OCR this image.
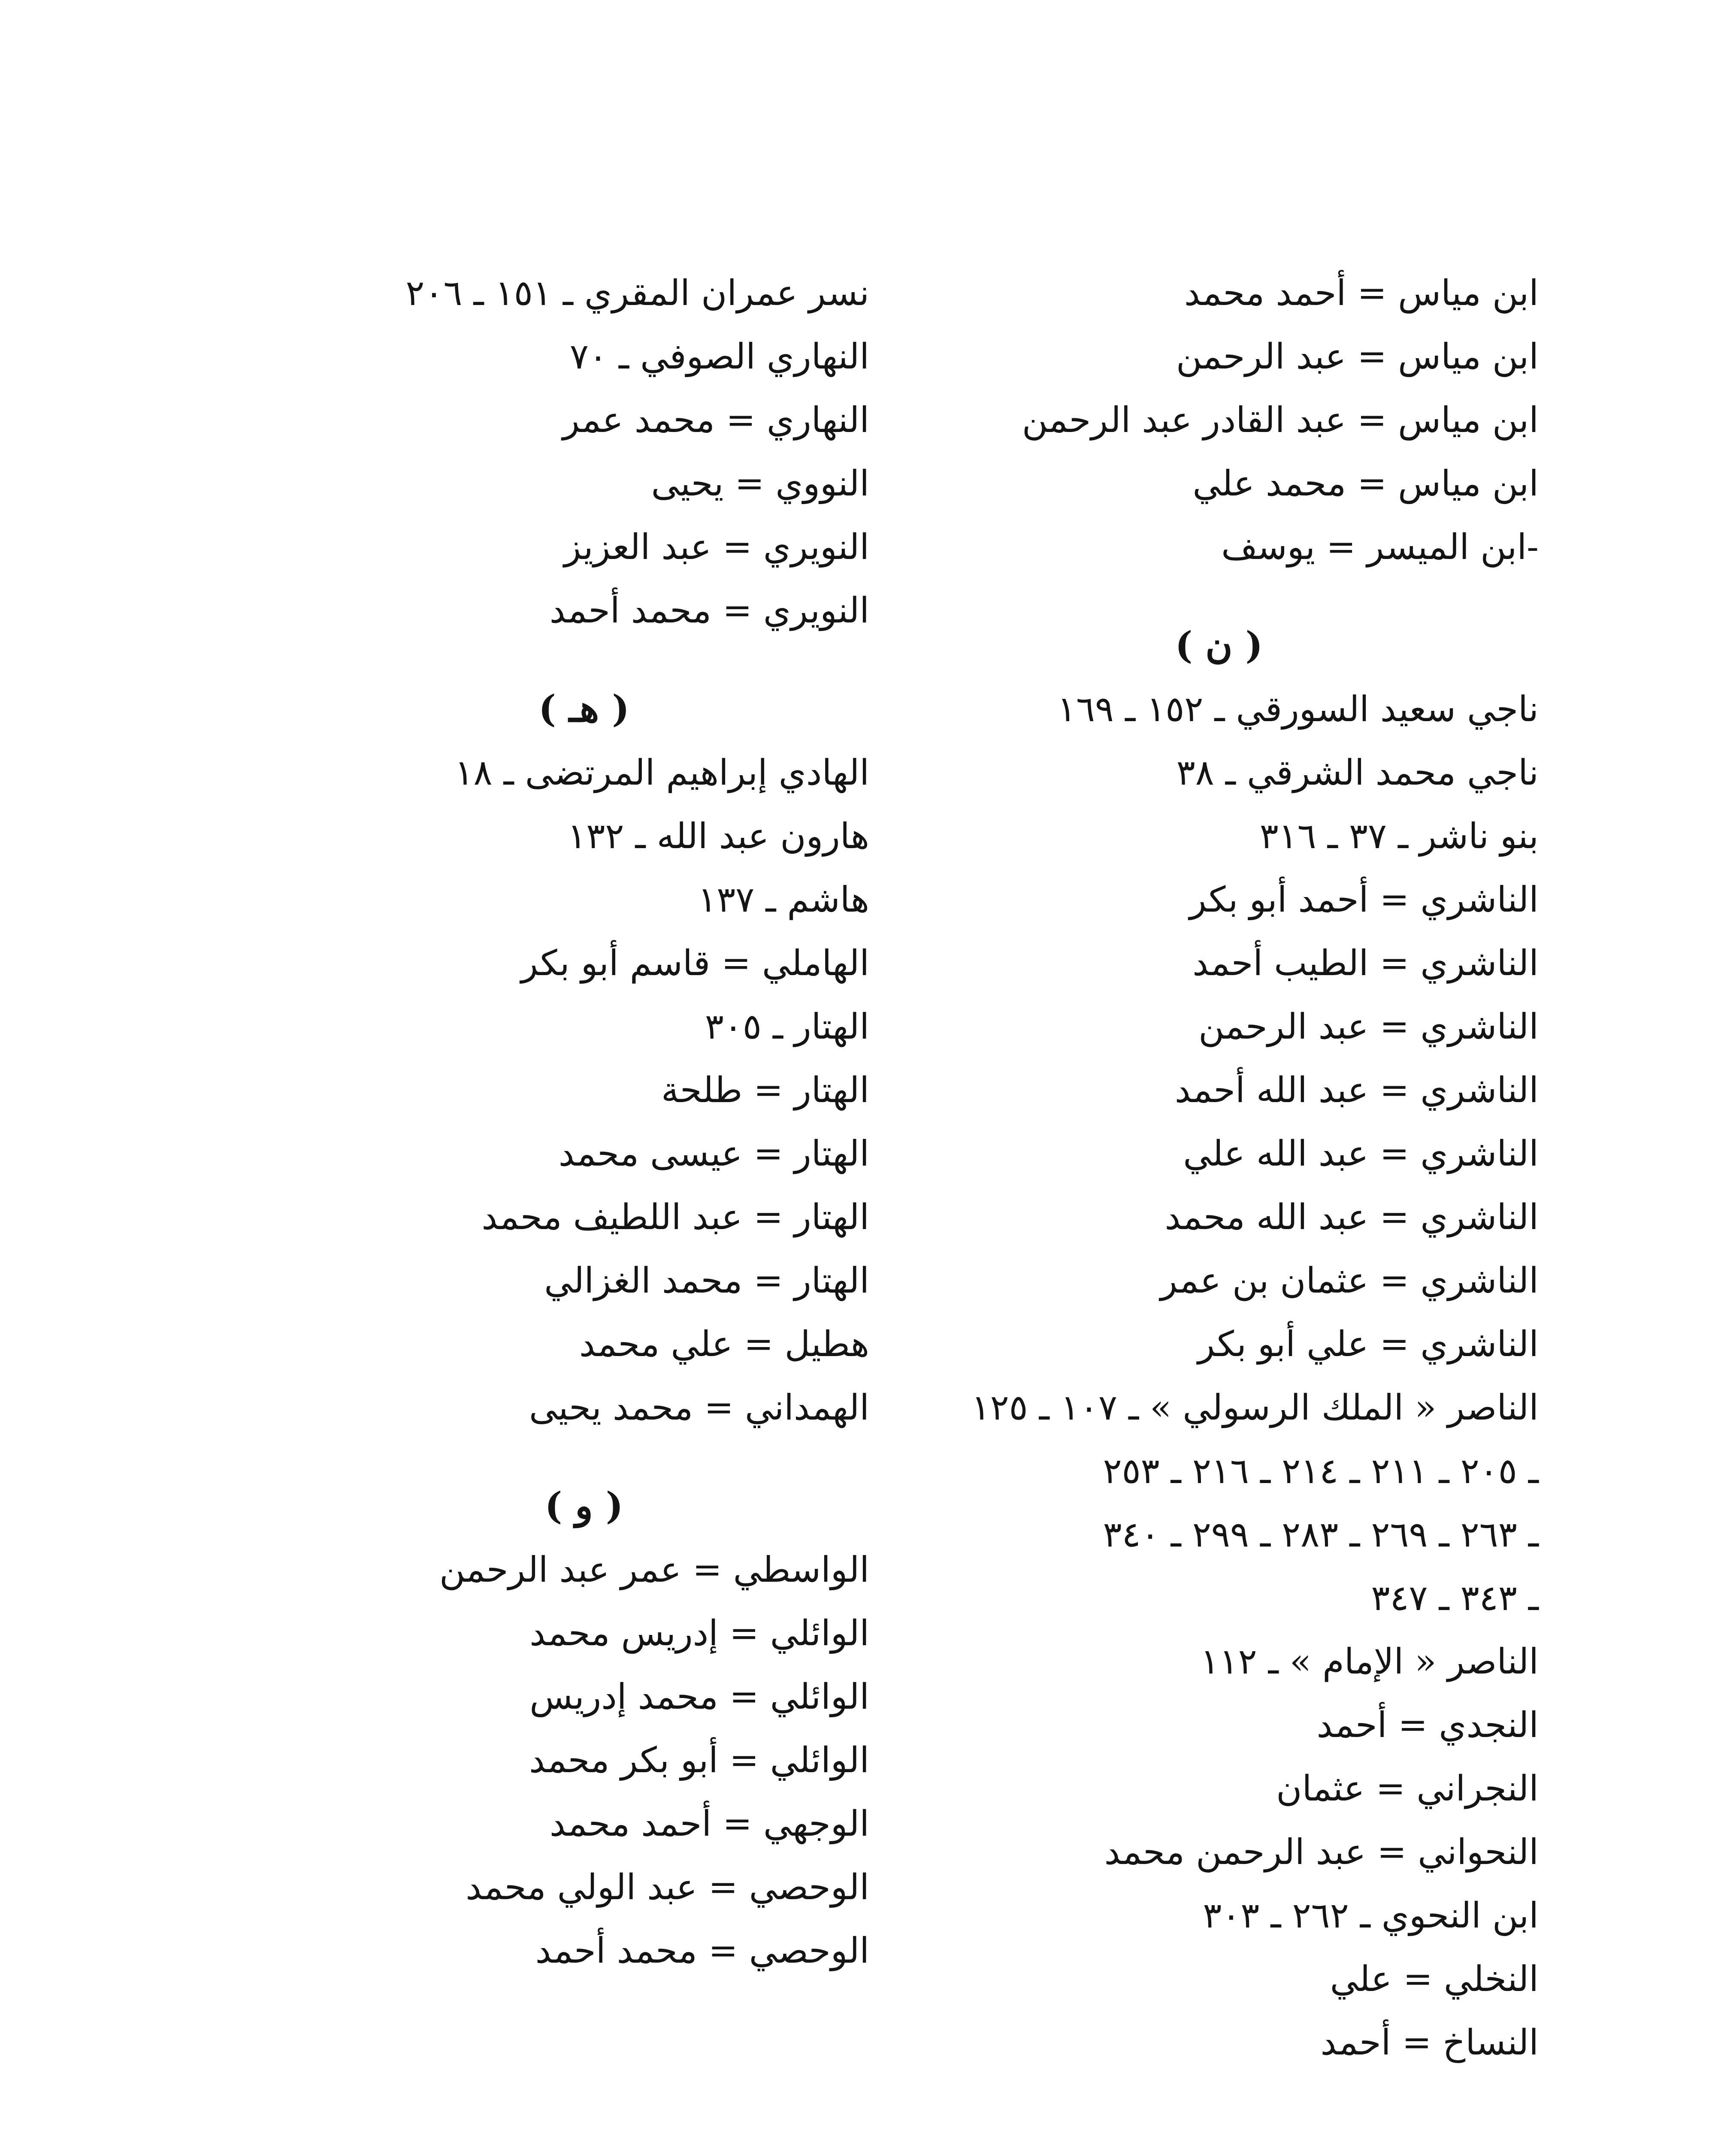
ابن مياس = أحمد محمد
ابن مياس = عبد الرحمن
ابن مياس = عبد القادر عبد الرحمن
ابن مياس = محمد علي
-ابن الميسر = يوسف
( ن )
ناجي سعيد السورقي ـ ١٥٢ ـ ١٦٩
ناجي محمد الشرقي ـ ٣٨
بنو ناشر ـ ٣٧ ـ ٣١٦
الناشري = أحمد أبو بكر
الناشري = الطيب أحمد
الناشري = عبد الرحمن
الناشري = عبد الله أحمد
الناشري = عبد الله علي
الناشري = عبد الله محمد
الناشري = عثمان بن عمر
الناشري = علي أبو بكر
الناصر « الملك الرسولي » ـ ١٠٧ ـ ١٢٥
ـ ٢٠٥ ـ ٢١١ ـ ٢١٤ ـ ٢١٦ ـ ٢٥٣
ـ ٢٦٣ ـ ٢٦٩ ـ ٢٨٣ ـ ٢٩٩ ـ ٣٤٠
ـ ٣٤٣ ـ ٣٤٧
الناصر « الإمام » ـ ١١٢
النجدي = أحمد
النجراني = عثمان
النحواني = عبد الرحمن محمد
ابن النحوي ـ ٢٦٢ ـ ٣٠٣
النخلي = علي
النساخ = أحمد
نسر عمران المقري ـ ١٥١ ـ ٢٠٦
النهاري الصوفي ـ ٧٠
النهاري = محمد عمر
النووي = يحيى
النويري = عبد العزيز
النويري = محمد أحمد
( هـ )
الهادي إبراهيم المرتضى ـ ١٨
هارون عبد الله ـ ١٣٢
هاشم ـ ١٣٧
الهاملي = قاسم أبو بكر
الهتار ـ ٣٠٥
الهتار = طلحة
الهتار = عيسى محمد
الهتار = عبد اللطيف محمد
الهتار = محمد الغزالي
هطيل = علي محمد
الهمداني = محمد يحيى
( و )
الواسطي = عمر عبد الرحمن
الوائلي = إدريس محمد
الوائلي = محمد إدريس
الوائلي = أبو بكر محمد
الوجهي = أحمد محمد
الوحصي = عبد الولي محمد
الوحصي = محمد أحمد
